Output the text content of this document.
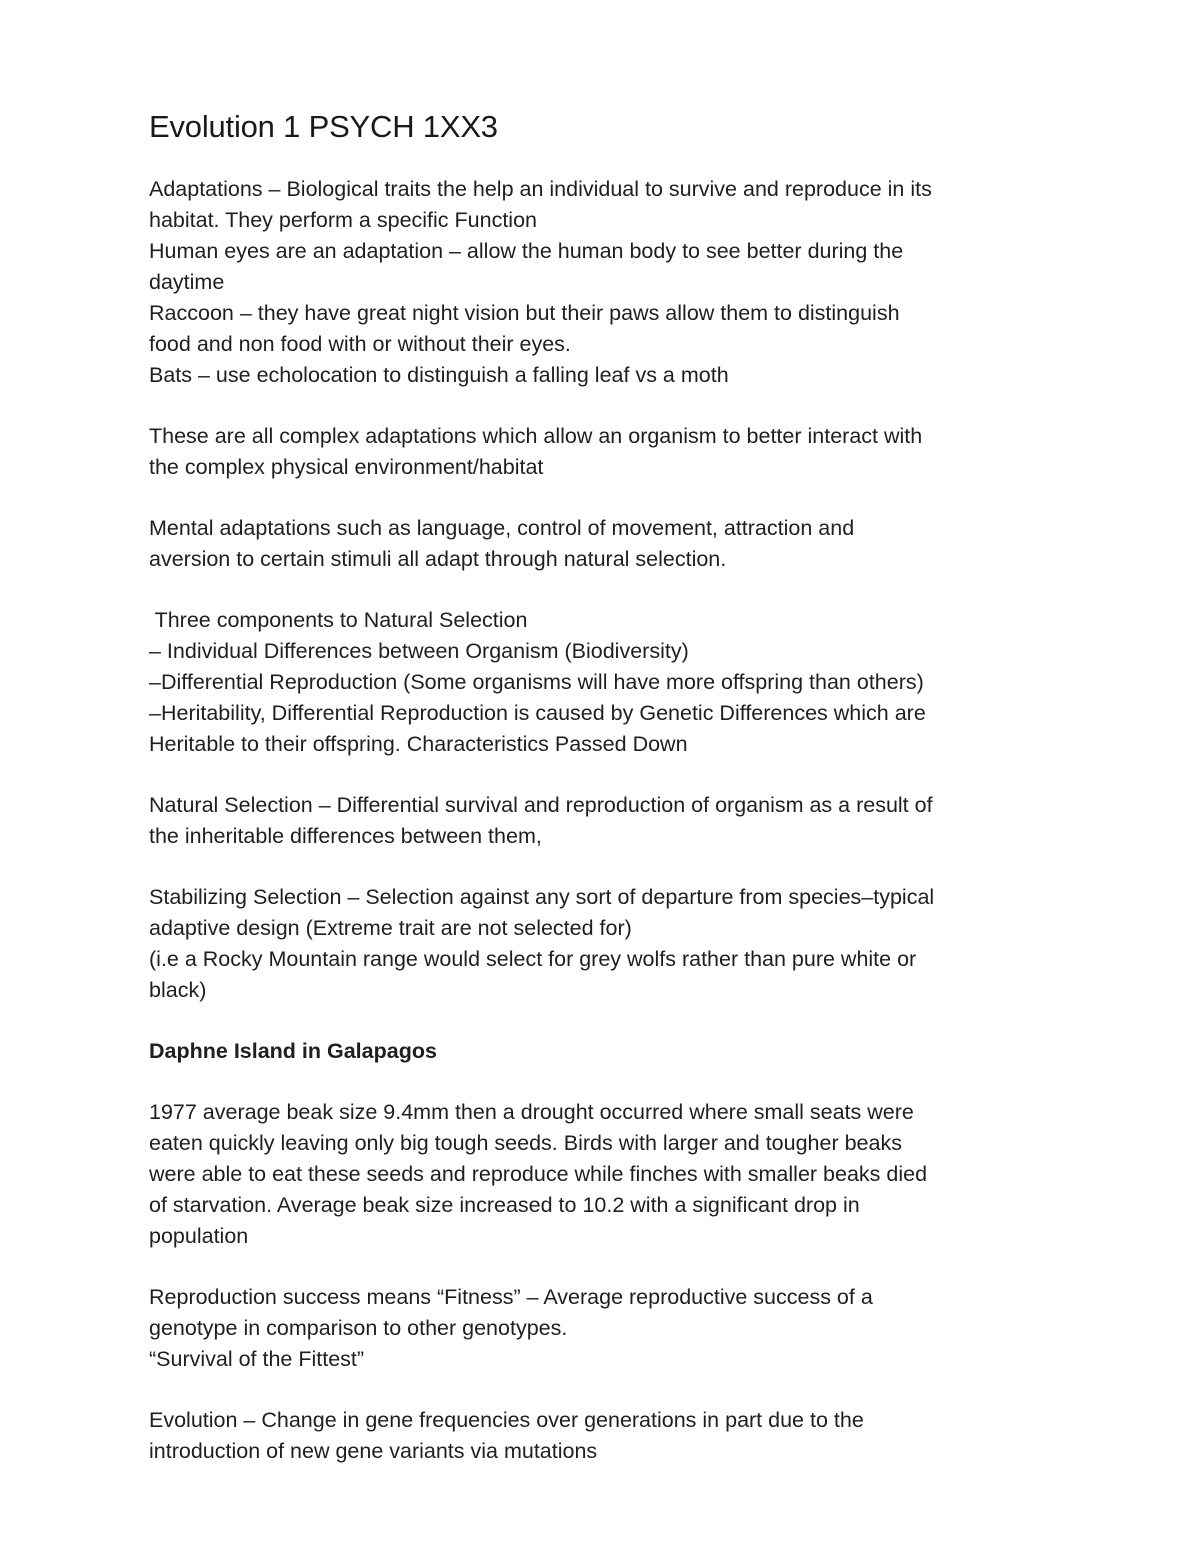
Evolution 1 PSYCH 1XX3

Adaptations – Biological traits the help an individual to survive and reproduce in its
habitat. They perform a specific Function
Human eyes are an adaptation – allow the human body to see better during the
daytime
Raccoon – they have great night vision but their paws allow them to distinguish
food and non food with or without their eyes.
Bats – use echolocation to distinguish a falling leaf vs a moth

These are all complex adaptations which allow an organism to better interact with
the complex physical environment/habitat

Mental adaptations such as language, control of movement, attraction and
aversion to certain stimuli all adapt through natural selection.

Three components to Natural Selection
– Individual Differences between Organism (Biodiversity)
–Differential Reproduction (Some organisms will have more offspring than others)
–Heritability, Differential Reproduction is caused by Genetic Differences which are
Heritable to their offspring. Characteristics Passed Down

Natural Selection – Differential survival and reproduction of organism as a result of
the inheritable differences between them,

Stabilizing Selection – Selection against any sort of departure from species–typical
adaptive design (Extreme trait are not selected for)
(i.e a Rocky Mountain range would select for grey wolfs rather than pure white or
black)

Daphne Island in Galapagos

1977 average beak size 9.4mm then a drought occurred where small seats were
eaten quickly leaving only big tough seeds. Birds with larger and tougher beaks
were able to eat these seeds and reproduce while finches with smaller beaks died
of starvation. Average beak size increased to 10.2 with a significant drop in
population

Reproduction success means “Fitness” – Average reproductive success of a
genotype in comparison to other genotypes.
“Survival of the Fittest”

Evolution – Change in gene frequencies over generations in part due to the
introduction of new gene variants via mutations
